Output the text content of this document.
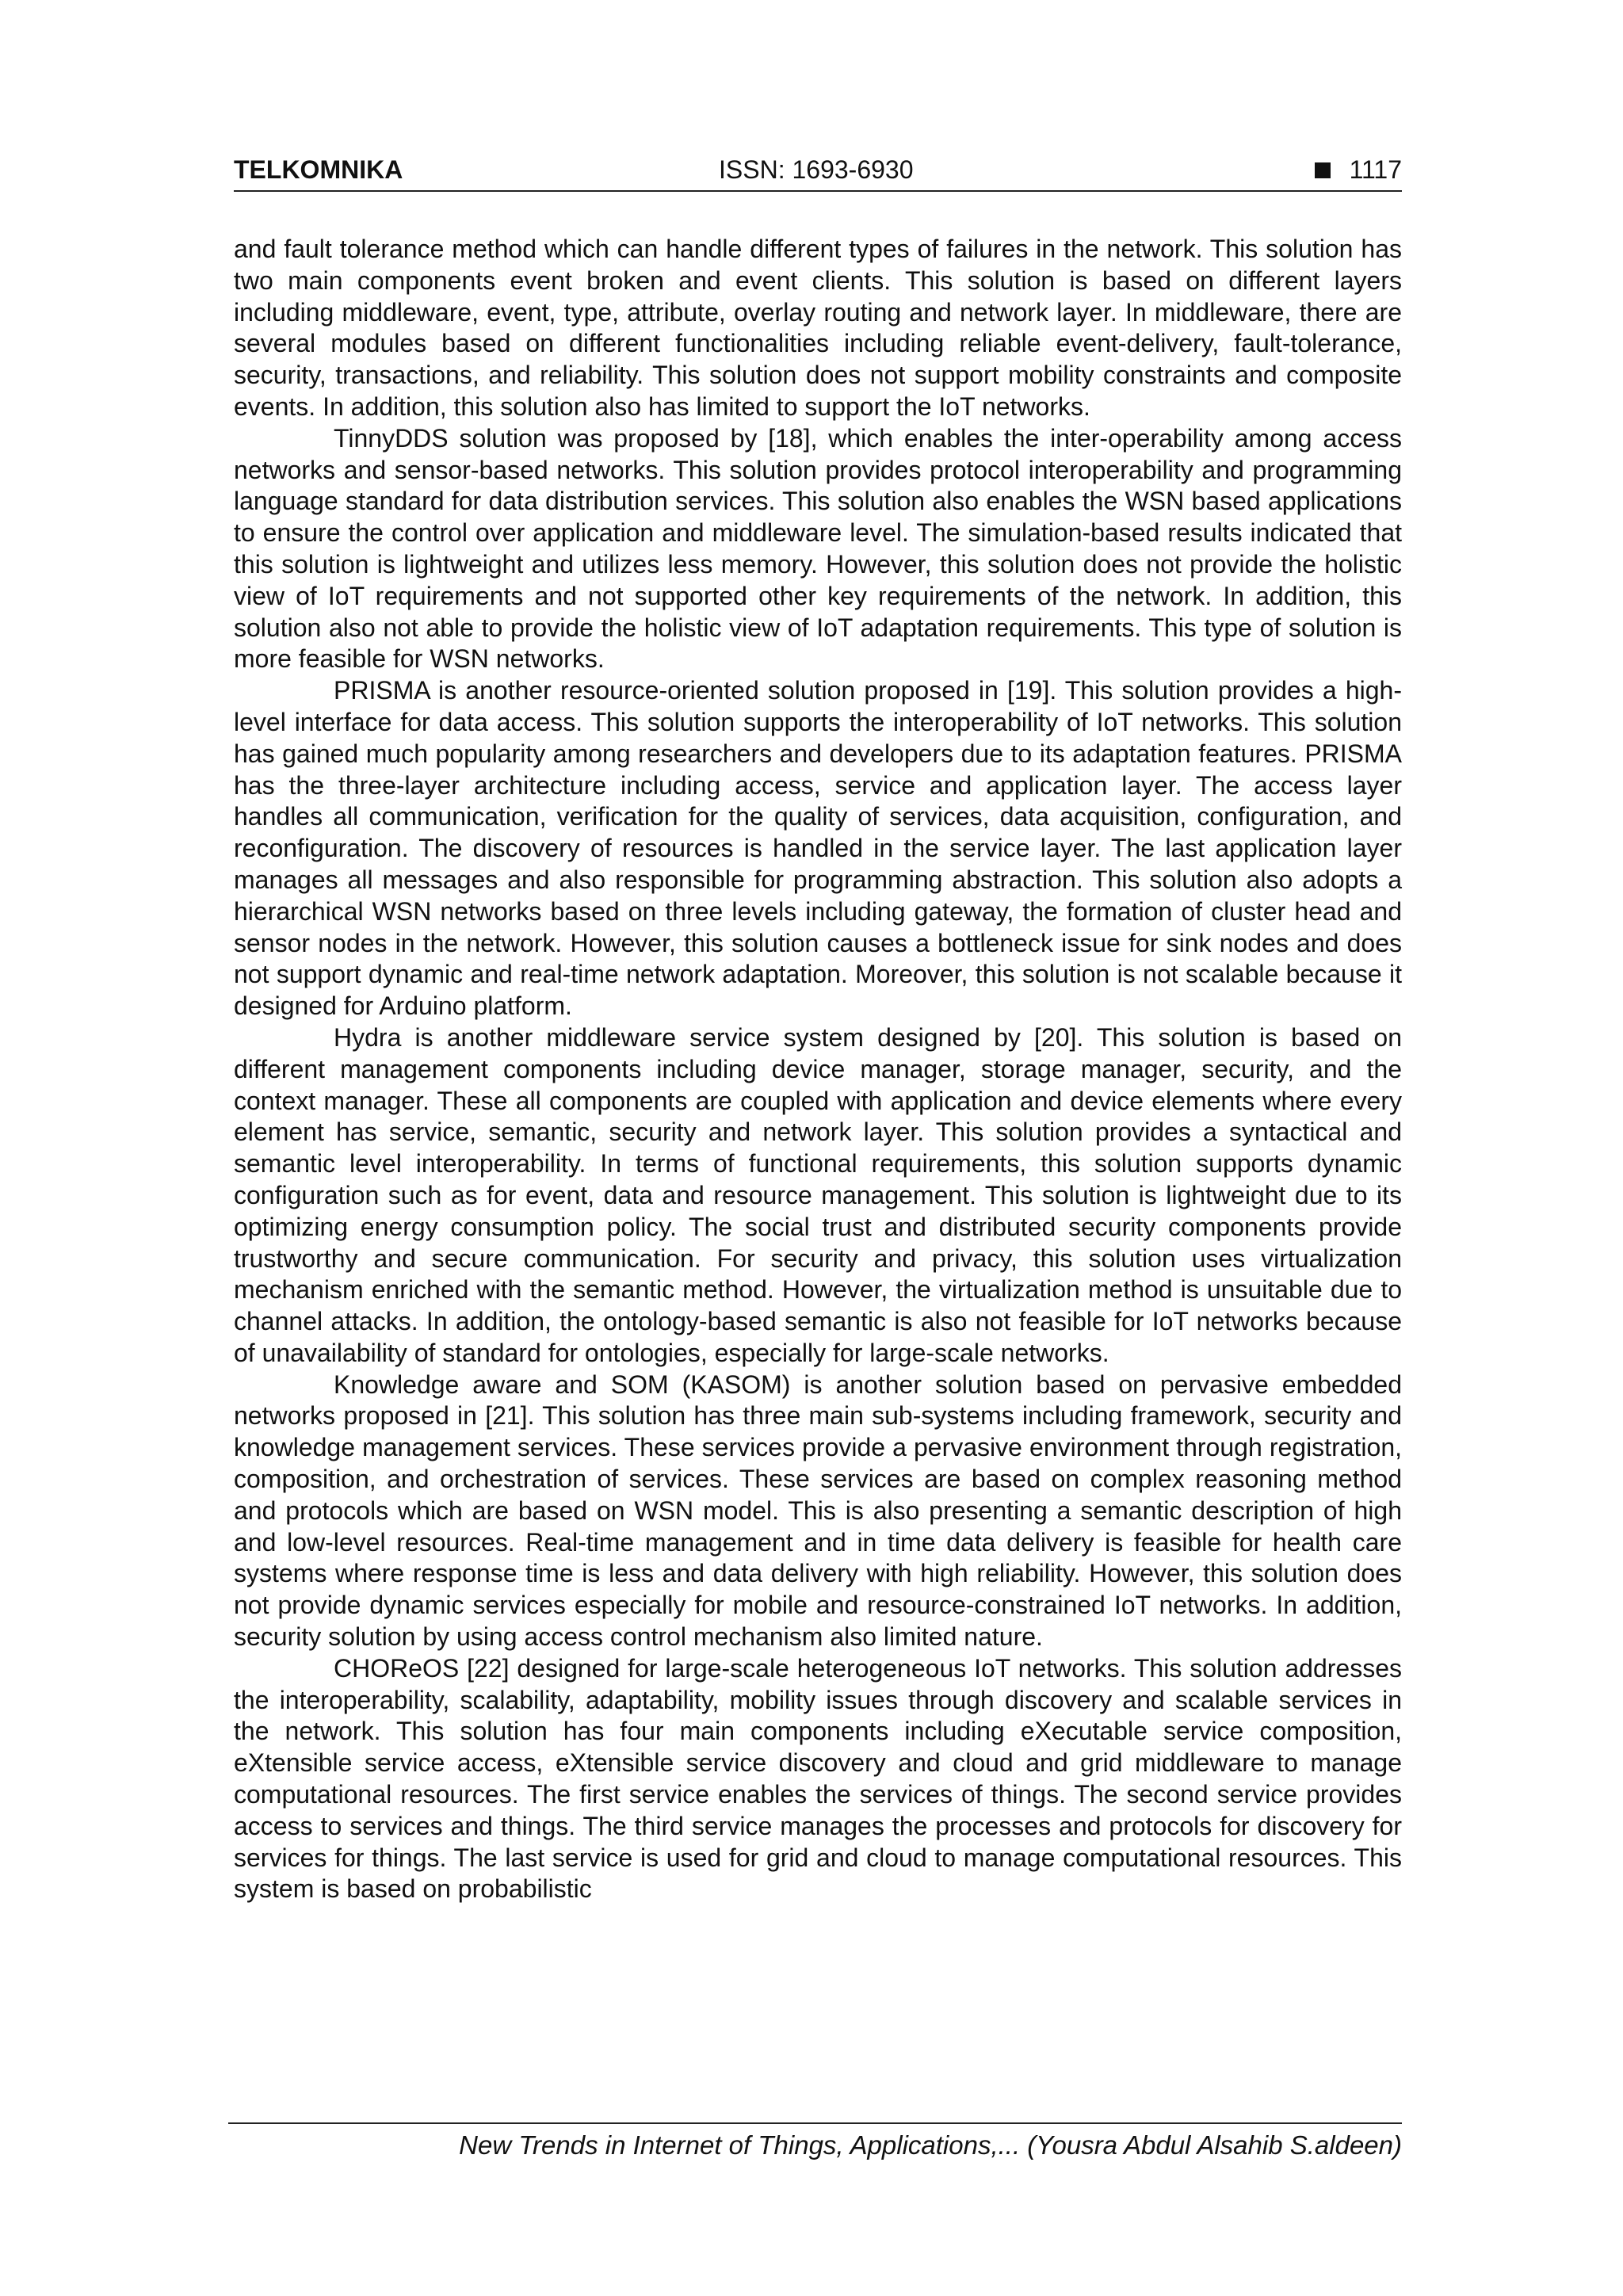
TELKOMNIKA	ISSN: 1693-6930	1117

and fault tolerance method which can handle different types of failures in the network. This solution has two main components event broken and event clients. This solution is based on different layers including middleware, event, type, attribute, overlay routing and network layer. In middleware, there are several modules based on different functionalities including reliable event-delivery, fault-tolerance, security, transactions, and reliability. This solution does not support mobility constraints and composite events. In addition, this solution also has limited to support the IoT networks.

TinnyDDS solution was proposed by [18], which enables the inter-operability among access networks and sensor-based networks. This solution provides protocol interoperability and programming language standard for data distribution services. This solution also enables the WSN based applications to ensure the control over application and middleware level. The simulation-based results indicated that this solution is lightweight and utilizes less memory. However, this solution does not provide the holistic view of IoT requirements and not supported other key requirements of the network. In addition, this solution also not able to provide the holistic view of IoT adaptation requirements. This type of solution is more feasible for WSN networks.

PRISMA is another resource-oriented solution proposed in [19]. This solution provides a high-level interface for data access. This solution supports the interoperability of IoT networks. This solution has gained much popularity among researchers and developers due to its adaptation features. PRISMA has the three-layer architecture including access, service and application layer. The access layer handles all communication, verification for the quality of services, data acquisition, configuration, and reconfiguration. The discovery of resources is handled in the service layer. The last application layer manages all messages and also responsible for programming abstraction. This solution also adopts a hierarchical WSN networks based on three levels including gateway, the formation of cluster head and sensor nodes in the network. However, this solution causes a bottleneck issue for sink nodes and does not support dynamic and real-time network adaptation. Moreover, this solution is not scalable because it designed for Arduino platform.

Hydra is another middleware service system designed by [20]. This solution is based on different management components including device manager, storage manager, security, and the context manager. These all components are coupled with application and device elements where every element has service, semantic, security and network layer. This solution provides a syntactical and semantic level interoperability. In terms of functional requirements, this solution supports dynamic configuration such as for event, data and resource management. This solution is lightweight due to its optimizing energy consumption policy. The social trust and distributed security components provide trustworthy and secure communication. For security and privacy, this solution uses virtualization mechanism enriched with the semantic method. However, the virtualization method is unsuitable due to channel attacks. In addition, the ontology-based semantic is also not feasible for IoT networks because of unavailability of standard for ontologies, especially for large-scale networks.

Knowledge aware and SOM (KASOM) is another solution based on pervasive embedded networks proposed in [21]. This solution has three main sub-systems including framework, security and knowledge management services. These services provide a pervasive environment through registration, composition, and orchestration of services. These services are based on complex reasoning method and protocols which are based on WSN model. This is also presenting a semantic description of high and low-level resources. Real-time management and in time data delivery is feasible for health care systems where response time is less and data delivery with high reliability. However, this solution does not provide dynamic services especially for mobile and resource-constrained IoT networks. In addition, security solution by using access control mechanism also limited nature.

CHOReOS [22] designed for large-scale heterogeneous IoT networks. This solution addresses the interoperability, scalability, adaptability, mobility issues through discovery and scalable services in the network. This solution has four main components including eXecutable service composition, eXtensible service access, eXtensible service discovery and cloud and grid middleware to manage computational resources. The first service enables the services of things. The second service provides access to services and things. The third service manages the processes and protocols for discovery for services for things. The last service is used for grid and cloud to manage computational resources. This system is based on probabilistic

New Trends in Internet of Things, Applications,... (Yousra Abdul Alsahib S.aldeen)
